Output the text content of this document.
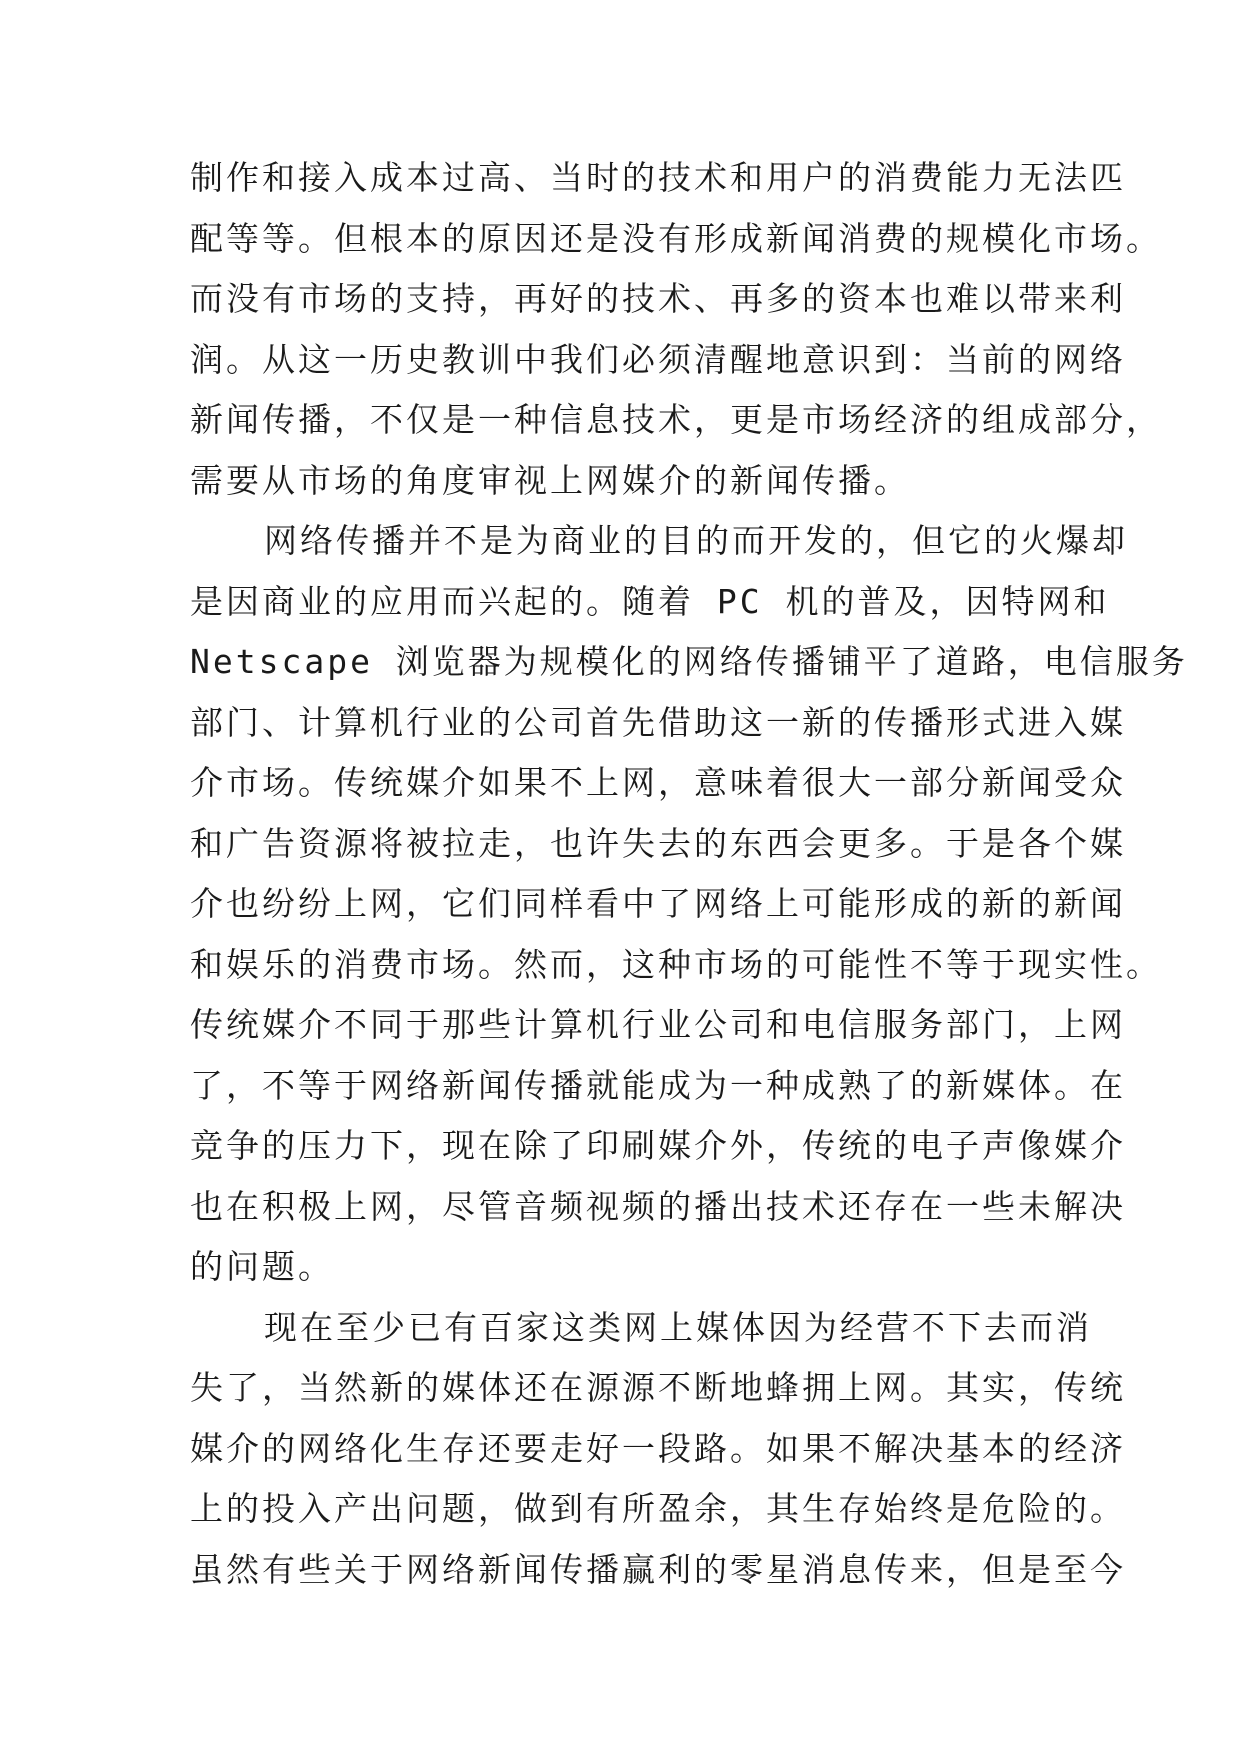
制作和接入成本过高、当时的技术和用户的消费能力无法匹
配等等。但根本的原因还是没有形成新闻消费的规模化市场。
而没有市场的支持，再好的技术、再多的资本也难以带来利
润。从这一历史教训中我们必须清醒地意识到：当前的网络
新闻传播，不仅是一种信息技术，更是市场经济的组成部分，
需要从市场的角度审视上网媒介的新闻传播。
网络传播并不是为商业的目的而开发的，但它的火爆却
是因商业的应用而兴起的。随着 PC 机的普及，因特网和
Netscape 浏览器为规模化的网络传播铺平了道路，电信服务
部门、计算机行业的公司首先借助这一新的传播形式进入媒
介市场。传统媒介如果不上网，意味着很大一部分新闻受众
和广告资源将被拉走，也许失去的东西会更多。于是各个媒
介也纷纷上网，它们同样看中了网络上可能形成的新的新闻
和娱乐的消费市场。然而，这种市场的可能性不等于现实性。
传统媒介不同于那些计算机行业公司和电信服务部门，上网
了，不等于网络新闻传播就能成为一种成熟了的新媒体。在
竞争的压力下，现在除了印刷媒介外，传统的电子声像媒介
也在积极上网，尽管音频视频的播出技术还存在一些未解决
的问题。
现在至少已有百家这类网上媒体因为经营不下去而消
失了，当然新的媒体还在源源不断地蜂拥上网。其实，传统
媒介的网络化生存还要走好一段路。如果不解决基本的经济
上的投入产出问题，做到有所盈余，其生存始终是危险的。
虽然有些关于网络新闻传播赢利的零星消息传来，但是至今
